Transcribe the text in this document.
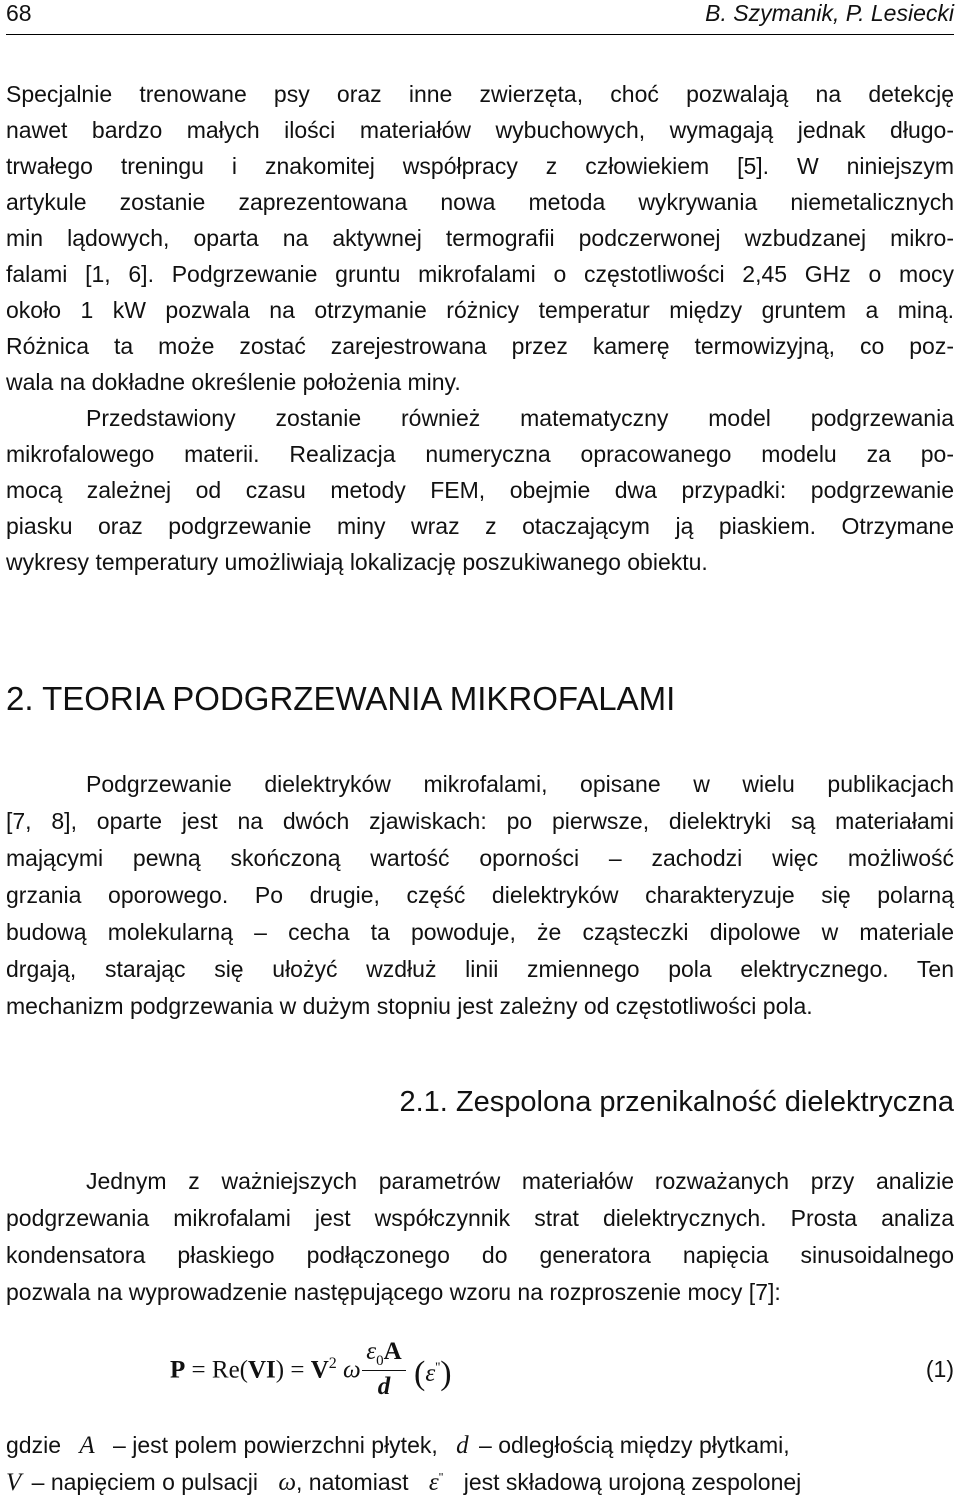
68	B. Szymanik, P. Lesiecki
Specjalnie trenowane psy oraz inne zwierzęta, choć pozwalają na detekcję
nawet bardzo małych ilości materiałów wybuchowych, wymagają jednak długo-
trwałego treningu i znakomitej współpracy z człowiekiem [5]. W niniejszym
artykule zostanie zaprezentowana nowa metoda wykrywania niemetalicznych
min lądowych, oparta na aktywnej termografii podczerwonej wzbudzanej mikro-
falami [1, 6]. Podgrzewanie gruntu mikrofalami o częstotliwości 2,45 GHz o mocy
około 1 kW pozwala na otrzymanie różnicy temperatur między gruntem a miną.
Różnica ta może zostać zarejestrowana przez kamerę termowizyjną, co poz-
wala na dokładne określenie położenia miny.
Przedstawiony zostanie również matematyczny model podgrzewania
mikrofalowego materii. Realizacja numeryczna opracowanego modelu za po-
mocą zależnej od czasu metody FEM, obejmie dwa przypadki: podgrzewanie
piasku oraz podgrzewanie miny wraz z otaczającym ją piaskiem. Otrzymane
wykresy temperatury umożliwiają lokalizację poszukiwanego obiektu.
2. TEORIA PODGRZEWANIA MIKROFALAMI
Podgrzewanie dielektryków mikrofalami, opisane w wielu publikacjach
[7, 8], oparte jest na dwóch zjawiskach: po pierwsze, dielektryki są materiałami
mającymi pewną skończoną wartość oporności – zachodzi więc możliwość
grzania oporowego. Po drugie, część dielektryków charakteryzuje się polarną
budową molekularną – cecha ta powoduje, że cząsteczki dipolowe w materiale
drgają, starając się ułożyć wzdłuż linii zmiennego pola elektrycznego. Ten
mechanizm podgrzewania w dużym stopniu jest zależny od częstotliwości pola.
2.1. Zespolona przenikalność dielektryczna
Jednym z ważniejszych parametrów materiałów rozważanych przy analizie
podgrzewania mikrofalami jest współczynnik strat dielektrycznych. Prosta analiza
kondensatora płaskiego podłączonego do generatora napięcia sinusoidalnego
pozwala na wyprowadzenie następującego wzoru na rozproszenie mocy [7]:
$P = Re(VI) = V^2$ ω
$\varepsilon_0A$
d (ε'')	(1)
gdzie A – jest polem powierzchni płytek, d – odległością między płytkami,
V – napięciem o pulsacji ω, natomiast ε'' jest składową urojoną zespolonej
